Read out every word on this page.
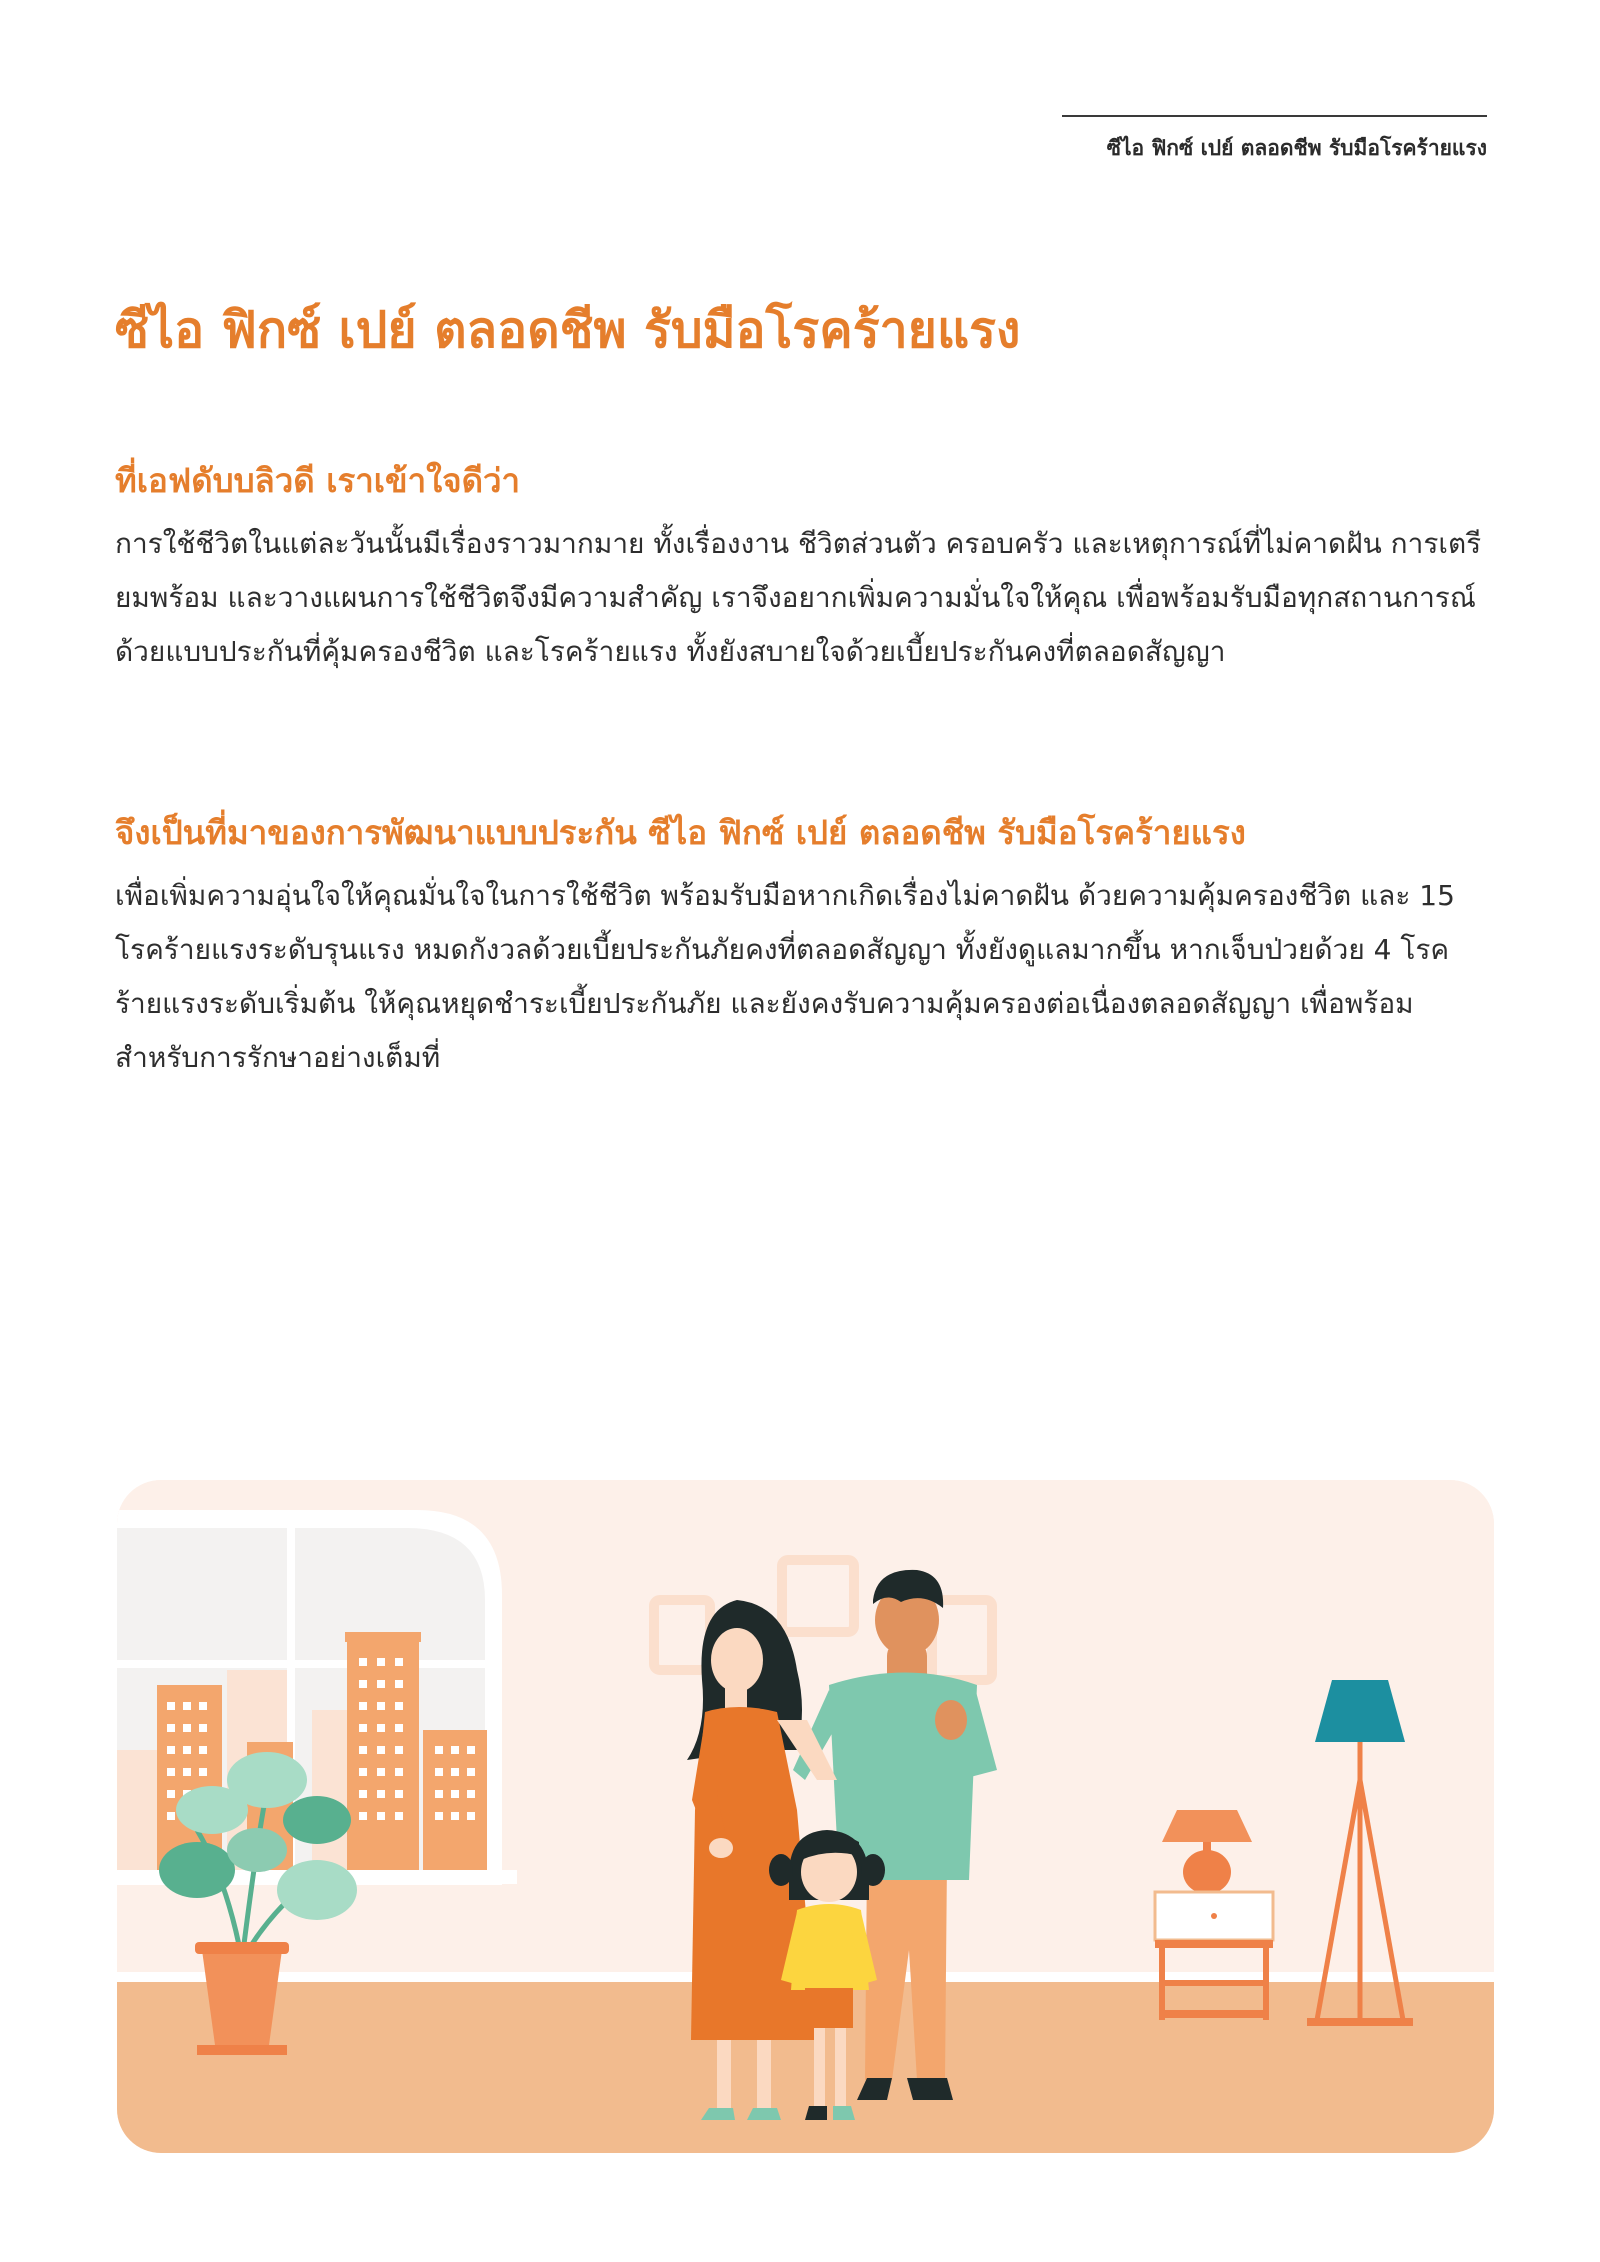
ซีไอ ฟิกซ์ เปย์ ตลอดชีพ รับมือโรคร้ายแรง
ซีไอ ฟิกซ์ เปย์ ตลอดชีพ รับมือโรคร้ายแรง
ที่เอฟดับบลิวดี เราเข้าใจดีว่า

การใช้ชีวิตในแต่ละวันนั้นมีเรื่องราวมากมาย ทั้งเรื่องงาน ชีวิตส่วนตัว ครอบครัว และเหตุการณ์ที่ไม่คาดฝัน การเตรียมพร้อม และวางแผนการใช้ชีวิตจึงมีความสำคัญ เราจึงอยากเพิ่มความมั่นใจให้คุณ เพื่อพร้อมรับมือทุกสถานการณ์ด้วยแบบประกันที่คุ้มครองชีวิต และโรคร้ายแรง ทั้งยังสบายใจด้วยเบี้ยประกันคงที่ตลอดสัญญา

จึงเป็นที่มาของการพัฒนาแบบประกัน ซีไอ ฟิกซ์ เปย์ ตลอดชีพ รับมือโรคร้ายแรง

เพื่อเพิ่มความอุ่นใจให้คุณมั่นใจในการใช้ชีวิต พร้อมรับมือหากเกิดเรื่องไม่คาดฝัน ด้วยความคุ้มครองชีวิต และ 15 โรคร้ายแรงระดับรุนแรง หมดกังวลด้วยเบี้ยประกันภัยคงที่ตลอดสัญญา ทั้งยังดูแลมากขึ้น หากเจ็บป่วยด้วย 4 โรคร้ายแรงระดับเริ่มต้น ให้คุณหยุดชำระเบี้ยประกันภัย และยังคงรับความคุ้มครองต่อเนื่องตลอดสัญญา เพื่อพร้อมสำหรับการรักษาอย่างเต็มที่
